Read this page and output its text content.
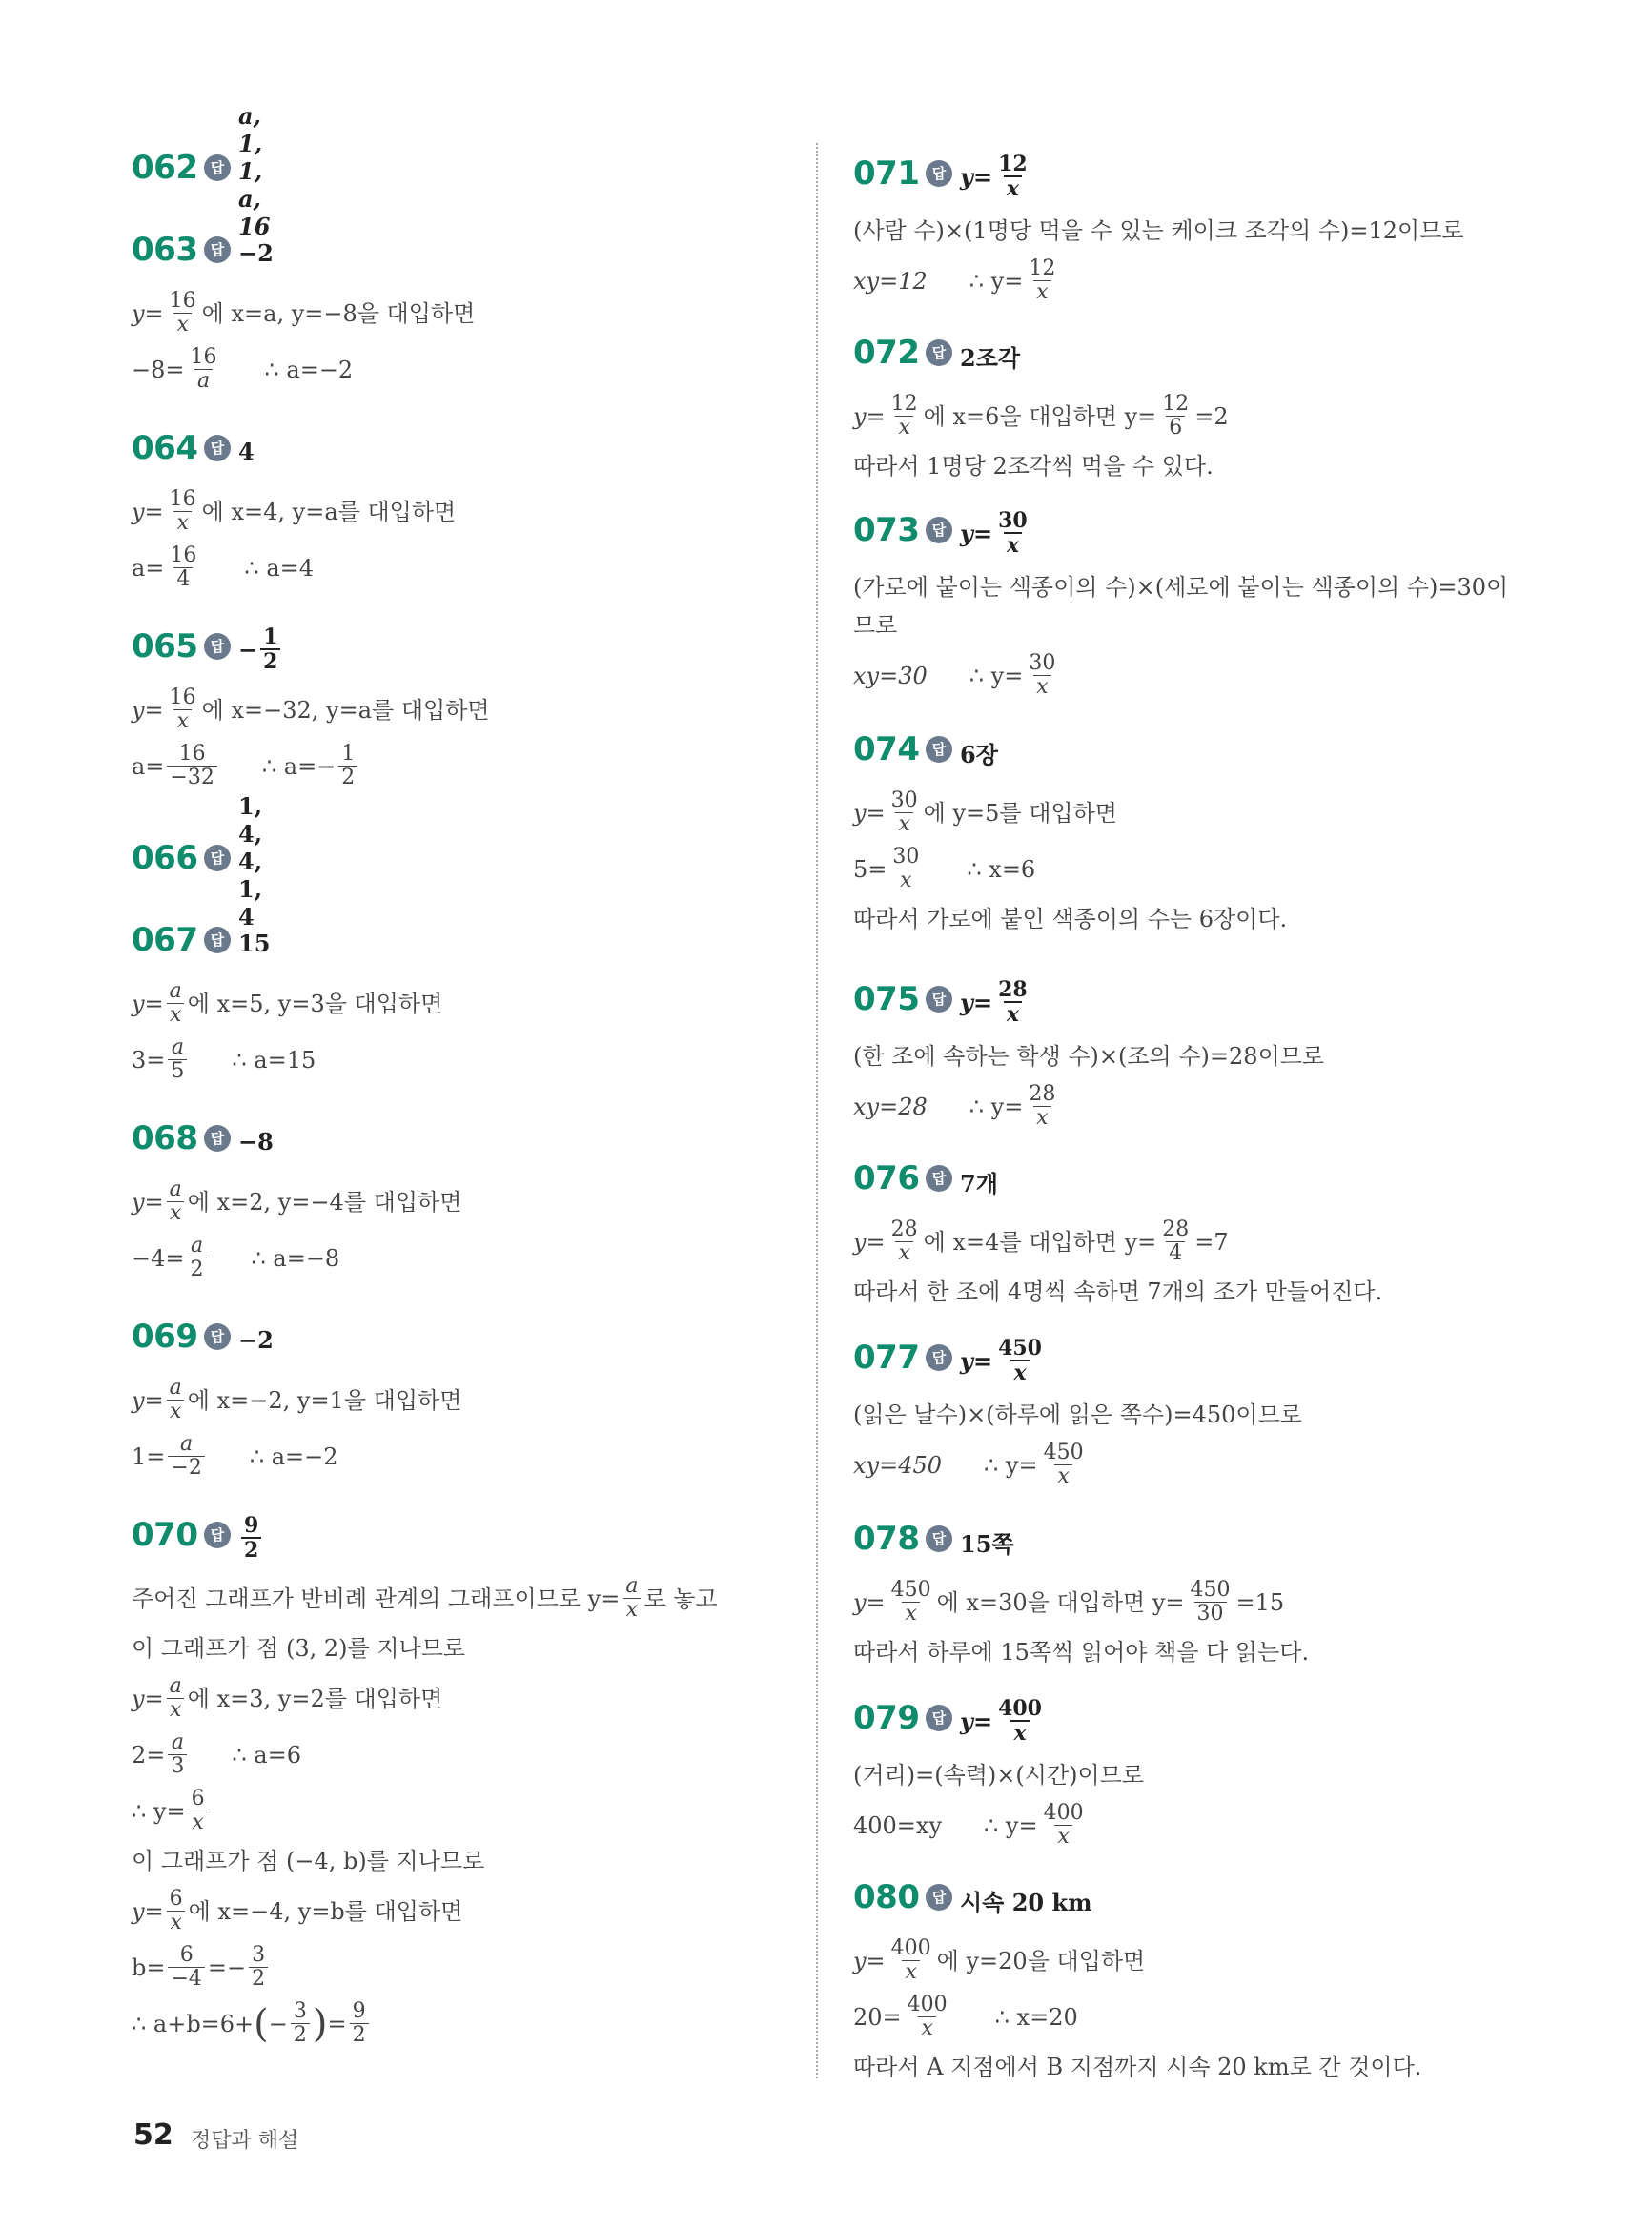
062 답
a, 1, 1, a, 16
063 답 −2
$y= \frac{16}{x}$ 에 x=a, y=−8을 대입하면
$-8= \frac{16}{a}$ ∴ a=−2
064 답 4
$y= \frac{16}{x}$ 에 x=4, y=a를 대입하면
$a= \frac{16}{4}$ ∴ a=4
065 답 − $\frac{1}{2}$
$y= \frac{16}{x}$ 에 x=−32, y=a를 대입하면
$a= \frac{16}{-32}$ ∴ $a=- \frac{1}{2}$
066 답
1, 4, 4, 1, 4
067 답 15
$y= \frac{a}{x}$ 에 x=5, y=3을 대입하면
$3= \frac{a}{5}$ ∴ a=15
068 답 −8
$y= \frac{a}{x}$ 에 x=2, y=−4를 대입하면
$-4= \frac{a}{2}$ ∴ a=−8
069 답 −2
$y= \frac{a}{x}$ 에 x=−2, y=1을 대입하면
$1= \frac{a}{-2}$ ∴ a=−2
070 답 $\frac{9}{2}$
주어진 그래프가 반비례 관계의 그래프이므로 $y= \frac{a}{x}$ 로 놓고
이 그래프가 점 (3, 2)를 지나므로
$y= \frac{a}{x}$ 에 x=3, y=2를 대입하면
$2= \frac{a}{3}$ ∴ a=6
∴ $y= \frac{6}{x}$
이 그래프가 점 (−4, b)를 지나므로
$y= \frac{6}{x}$ 에 x=−4, y=b를 대입하면
$b= \frac{6}{-4} =- \frac{3}{2}$
∴ a+b=6+ ( − $\frac{3}{2}$ ) = $\frac{9}{2}$
071 답 $y= \frac{12}{x}$
(사람 수)×(1명당 먹을 수 있는 케이크 조각의 수)=12이므로
xy=12 ∴ $y= \frac{12}{x}$
072 답 2조각
$y= \frac{12}{x}$ 에 x=6을 대입하면 $y= \frac{12}{6} =2$
따라서 1명당 2조각씩 먹을 수 있다.
073 답 $y= \frac{30}{x}$
(가로에 붙이는 색종이의 수)×(세로에 붙이는 색종이의 수)=30이
므로
xy=30 ∴ $y= \frac{30}{x}$
074 답 6장
$y= \frac{30}{x}$ 에 y=5를 대입하면
$5= \frac{30}{x}$ ∴ x=6
따라서 가로에 붙인 색종이의 수는 6장이다.
075 답 $y= \frac{28}{x}$
(한 조에 속하는 학생 수)×(조의 수)=28이므로
xy=28 ∴ $y= \frac{28}{x}$
076 답 7개
$y= \frac{28}{x}$ 에 x=4를 대입하면 $y= \frac{28}{4} =7$
따라서 한 조에 4명씩 속하면 7개의 조가 만들어진다.
077 답 $y= \frac{450}{x}$
(읽은 날수)×(하루에 읽은 쪽수)=450이므로
xy=450 ∴ $y= \frac{450}{x}$
078 답 15쪽
$y= \frac{450}{x}$ 에 x=30을 대입하면 $y= \frac{450}{30} =15$
따라서 하루에 15쪽씩 읽어야 책을 다 읽는다.
079 답 $y= \frac{400}{x}$
(거리)=(속력)×(시간)이므로
400=xy ∴ $y= \frac{400}{x}$
080 답 시속 20 km
$y= \frac{400}{x}$ 에 y=20을 대입하면
$20= \frac{400}{x}$ ∴ x=20
따라서 A 지점에서 B 지점까지 시속 20 km로 간 것이다.
52 정답과 해설
